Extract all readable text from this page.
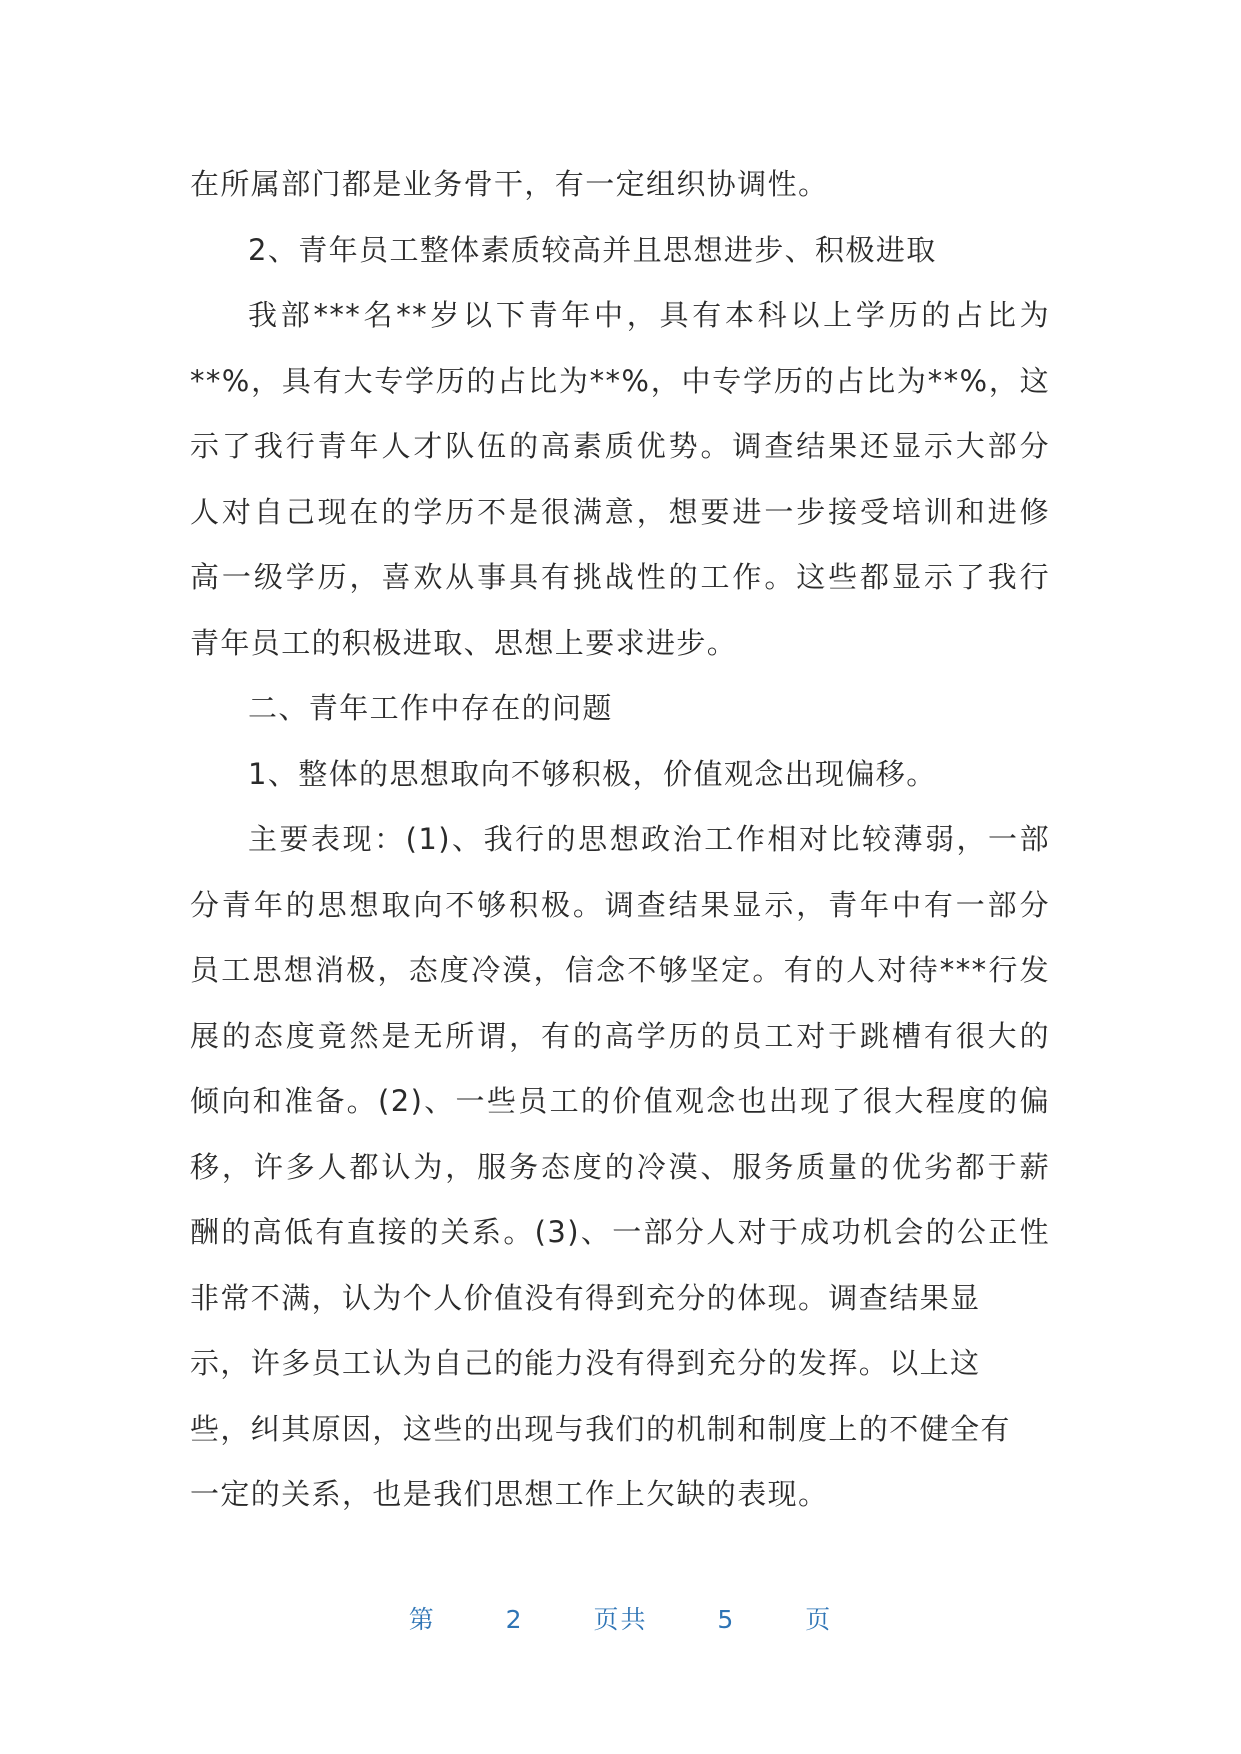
在所属部门都是业务骨干，有一定组织协调性。
2、青年员工整体素质较高并且思想进步、积极进取
我部***名**岁以下青年中，具有本科以上学历的占比为
**%，具有大专学历的占比为**%，中专学历的占比为**%，这
示了我行青年人才队伍的高素质优势。调查结果还显示大部分
人对自己现在的学历不是很满意，想要进一步接受培训和进修
高一级学历，喜欢从事具有挑战性的工作。这些都显示了我行
青年员工的积极进取、思想上要求进步。
二、青年工作中存在的问题
1、整体的思想取向不够积极，价值观念出现偏移。
主要表现：(1)、我行的思想政治工作相对比较薄弱，一部
分青年的思想取向不够积极。调查结果显示，青年中有一部分
员工思想消极，态度冷漠，信念不够坚定。有的人对待***行发
展的态度竟然是无所谓，有的高学历的员工对于跳槽有很大的
倾向和准备。(2)、一些员工的价值观念也出现了很大程度的偏
移，许多人都认为，服务态度的冷漠、服务质量的优劣都于薪
酬的高低有直接的关系。(3)、一部分人对于成功机会的公正性
非常不满，认为个人价值没有得到充分的体现。调查结果显
示，许多员工认为自己的能力没有得到充分的发挥。以上这
些，纠其原因，这些的出现与我们的机制和制度上的不健全有
一定的关系，也是我们思想工作上欠缺的表现。
第	2	页共	5	页
